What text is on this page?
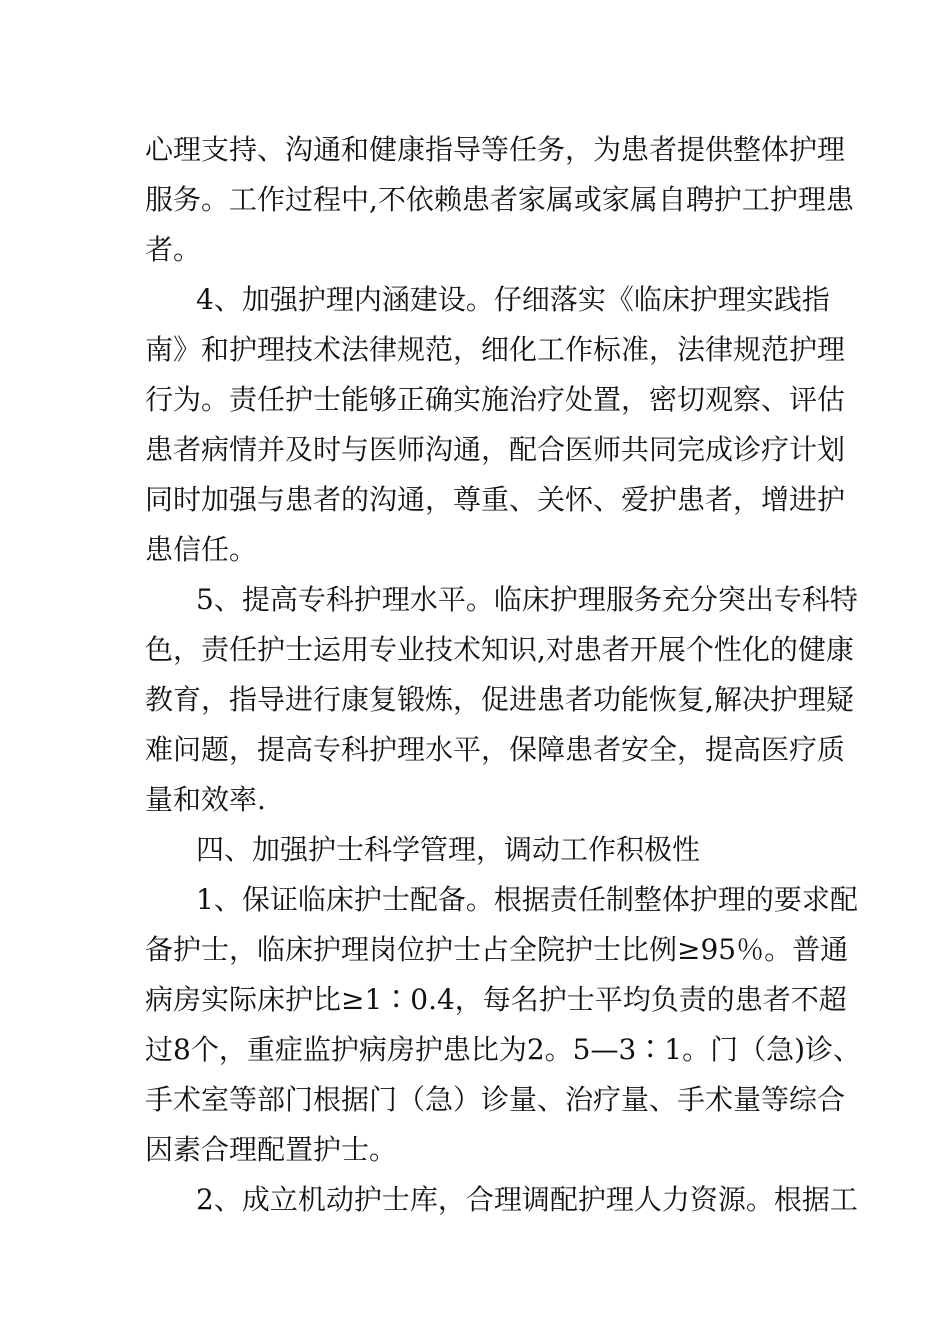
心理支持、沟通和健康指导等任务，为患者提供整体护理
服务。工作过程中,不依赖患者家属或家属自聘护工护理患
者。
4、加强护理内涵建设。仔细落实《临床护理实践指
南》和护理技术法律规范，细化工作标准，法律规范护理
行为。责任护士能够正确实施治疗处置，密切观察、评估
患者病情并及时与医师沟通，配合医师共同完成诊疗计划
同时加强与患者的沟通，尊重、关怀、爱护患者，增进护
患信任。
5、提高专科护理水平。临床护理服务充分突出专科特
色，责任护士运用专业技术知识,对患者开展个性化的健康
教育，指导进行康复锻炼，促进患者功能恢复,解决护理疑
难问题，提高专科护理水平，保障患者安全，提高医疗质
量和效率.
四、加强护士科学管理，调动工作积极性
1、保证临床护士配备。根据责任制整体护理的要求配
备护士，临床护理岗位护士占全院护士比例≥95％。普通
病房实际床护比≥1∶0.4，每名护士平均负责的患者不超
过8个，重症监护病房护患比为2。5—3∶1。门（急)诊、
手术室等部门根据门（急）诊量、治疗量、手术量等综合
因素合理配置护士。
2、成立机动护士库，合理调配护理人力资源。根据工
